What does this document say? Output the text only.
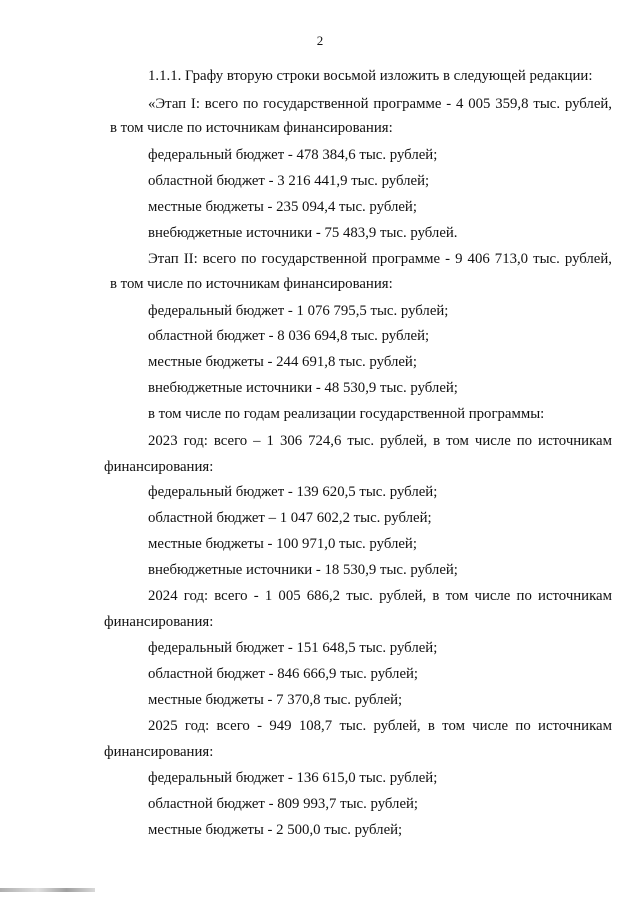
2
1.1.1. Графу вторую строки восьмой изложить в следующей редакции:
«Этап I: всего по государственной программе - 4 005 359,8 тыс. рублей,
в том числе по источникам финансирования:
федеральный бюджет - 478 384,6 тыс. рублей;
областной бюджет - 3 216 441,9 тыс. рублей;
местные бюджеты - 235 094,4 тыс. рублей;
внебюджетные источники - 75 483,9 тыс. рублей.
Этап II: всего по государственной программе - 9 406 713,0 тыс. рублей,
в том числе по источникам финансирования:
федеральный бюджет - 1 076 795,5 тыс. рублей;
областной бюджет - 8 036 694,8 тыс. рублей;
местные бюджеты - 244 691,8 тыс. рублей;
внебюджетные источники - 48 530,9 тыс. рублей;
в том числе по годам реализации государственной программы:
2023 год: всего – 1 306 724,6 тыс. рублей, в том числе по источникам
финансирования:
федеральный бюджет - 139 620,5 тыс. рублей;
областной бюджет – 1 047 602,2 тыс. рублей;
местные бюджеты - 100 971,0 тыс. рублей;
внебюджетные источники - 18 530,9 тыс. рублей;
2024 год: всего - 1 005 686,2 тыс. рублей, в том числе по источникам
финансирования:
федеральный бюджет - 151 648,5 тыс. рублей;
областной бюджет - 846 666,9 тыс. рублей;
местные бюджеты - 7 370,8 тыс. рублей;
2025 год: всего - 949 108,7 тыс. рублей, в том числе по источникам
финансирования:
федеральный бюджет - 136 615,0 тыс. рублей;
областной бюджет - 809 993,7 тыс. рублей;
местные бюджеты - 2 500,0 тыс. рублей;
